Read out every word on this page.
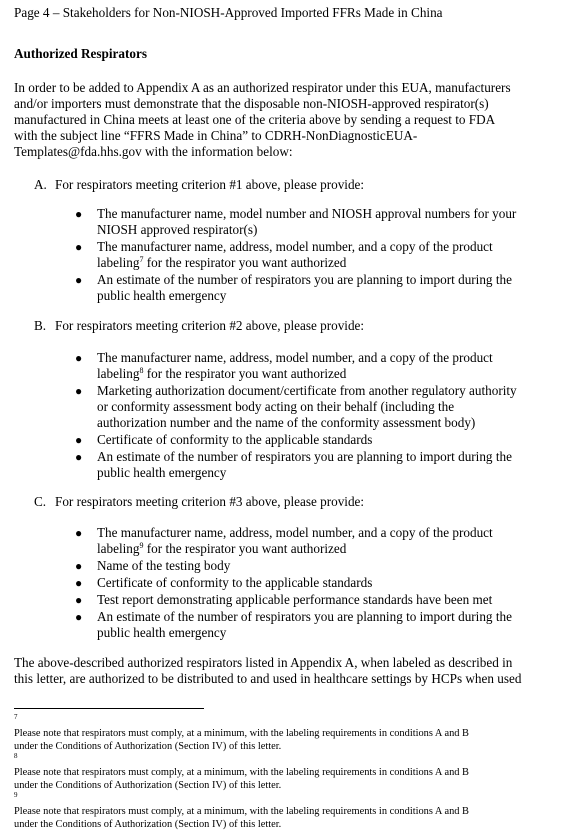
Page 4 – Stakeholders for Non-NIOSH-Approved Imported FFRs Made in China
Authorized Respirators
In order to be added to Appendix A as an authorized respirator under this EUA, manufacturers
and/or importers must demonstrate that the disposable non-NIOSH-approved respirator(s)
manufactured in China meets at least one of the criteria above by sending a request to FDA
with the subject line “FFRS Made in China” to CDRH-NonDiagnosticEUA-
Templates@fda.hhs.gov with the information below:
A. For respirators meeting criterion #1 above, please provide:
● The manufacturer name, model number and NIOSH approval numbers for your
NIOSH approved respirator(s)
● The manufacturer name, address, model number, and a copy of the product
labeling$^7$ for the respirator you want authorized
● An estimate of the number of respirators you are planning to import during the
public health emergency
B. For respirators meeting criterion #2 above, please provide:
● The manufacturer name, address, model number, and a copy of the product
labeling$^8$ for the respirator you want authorized
● Marketing authorization document/certificate from another regulatory authority
or conformity assessment body acting on their behalf (including the
authorization number and the name of the conformity assessment body)
● Certificate of conformity to the applicable standards
● An estimate of the number of respirators you are planning to import during the
public health emergency
C. For respirators meeting criterion #3 above, please provide:
● The manufacturer name, address, model number, and a copy of the product
labeling$^9$ for the respirator you want authorized
● Name of the testing body
● Certificate of conformity to the applicable standards
● Test report demonstrating applicable performance standards have been met
● An estimate of the number of respirators you are planning to import during the
public health emergency
The above-described authorized respirators listed in Appendix A, when labeled as described in
this letter, are authorized to be distributed to and used in healthcare settings by HCPs when used
$^7$
Please note that respirators must comply, at a minimum, with the labeling requirements in conditions A and B
under the Conditions of Authorization (Section IV) of this letter.
$^8$
Please note that respirators must comply, at a minimum, with the labeling requirements in conditions A and B
under the Conditions of Authorization (Section IV) of this letter.
$^9$
Please note that respirators must comply, at a minimum, with the labeling requirements in conditions A and B
under the Conditions of Authorization (Section IV) of this letter.
